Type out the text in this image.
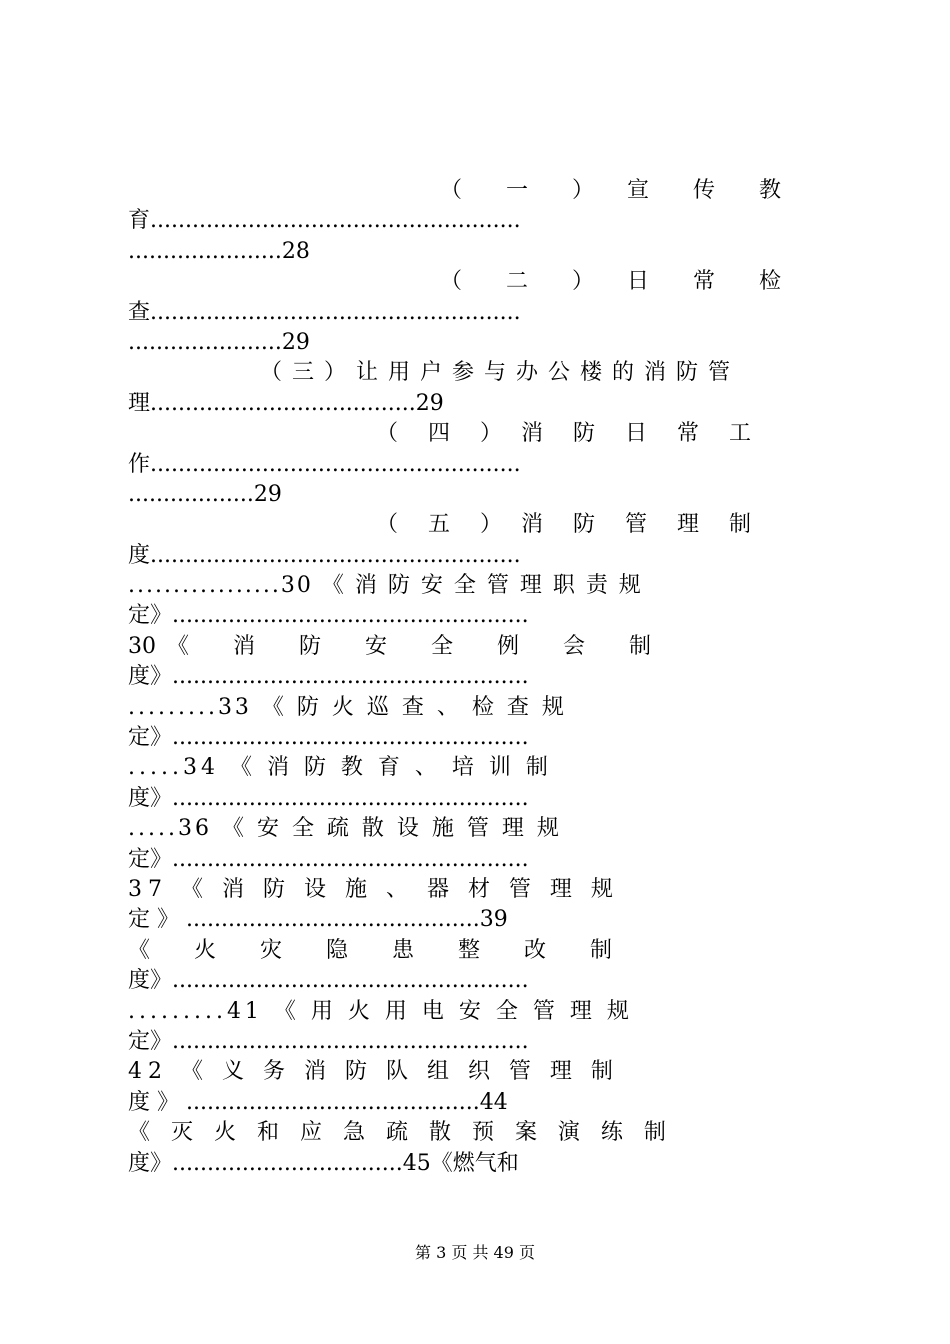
（　　一　　）　　宣　　传　　教
育.....................................................
......................28
（　　二　　）　　日　　常　　检
查.....................................................
......................29
（三）让用户参与办公楼的消防管
理......................................29
（　四　）　消　防　日　常　工
作.....................................................
..................29
（　五　）　消　防　管　理　制
度.....................................................
.................30 《 消 防 安 全 管 理 职 责 规
定》...................................................
30　《　　消　　防　　安　　全　　例　　会　　制
度》...................................................
.........33 《 防 火 巡 查 、 检 查 规
定》...................................................
.....34 《 消 防 教 育 、 培 训 制
度》...................................................
.....36 《 安 全 疏 散 设 施 管 理 规
定》...................................................
37 《 消 防 设 施 、 器 材 管 理 规
定 》 ..........................................39
《　　火　　灾　　隐　　患　　整　　改　　制
度》...................................................
.........41 《 用 火 用 电 安 全 管 理 规
定》...................................................
42 《 义 务 消 防 队 组 织 管 理 制
度 》 ..........................................44
《 灭 火 和 应 急 疏 散 预 案 演 练 制
度》.................................45《燃气和
第 3 页 共 49 页
